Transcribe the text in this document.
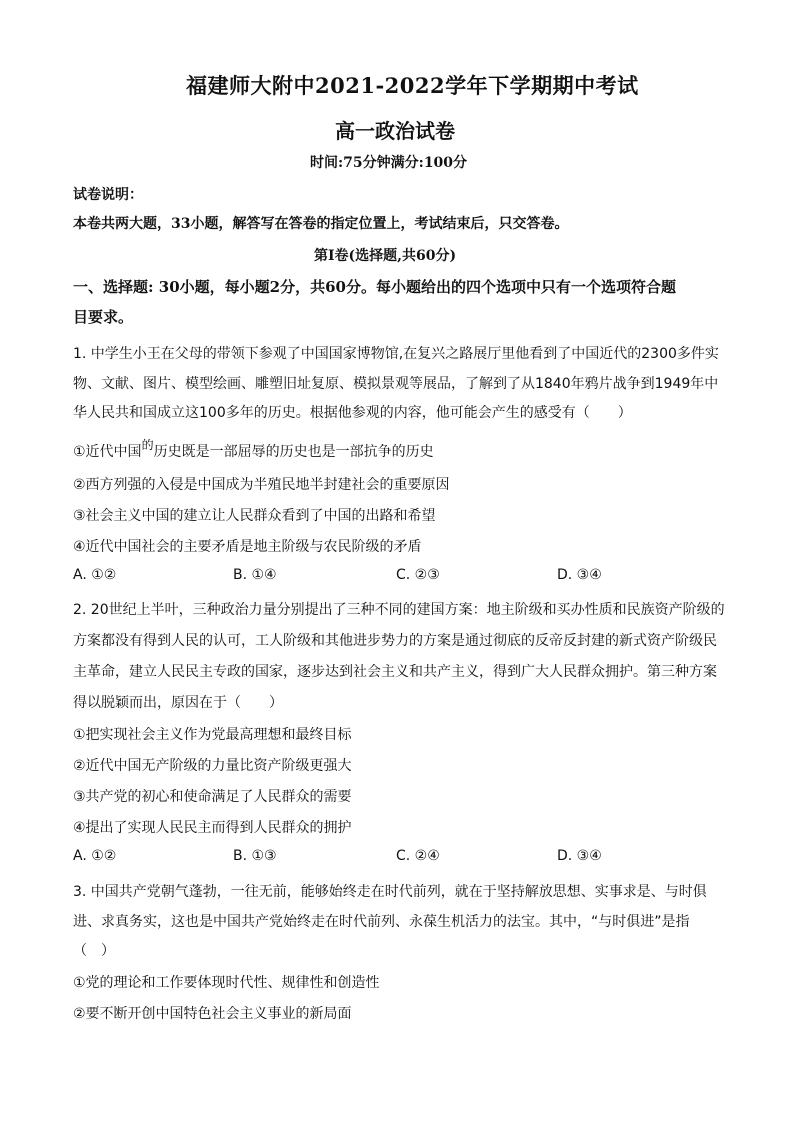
福建师大附中2021-2022学年下学期期中考试
高一政治试卷
时间:75分钟满分:100分
试卷说明：
本卷共两大题，33小题，解答写在答卷的指定位置上，考试结束后，只交答卷。
第Ⅰ卷(选择题,共60分)
一、选择题: 30小题，每小题2分，共60分。每小题给出的四个选项中只有一个选项符合题
目要求。
1. 中学生小王在父母的带领下参观了中国国家博物馆,在复兴之路展厅里他看到了中国近代的2300多件实
物、文献、图片、模型绘画、雕塑旧址复原、模拟景观等展品，了解到了从1840年鸦片战争到1949年中
华人民共和国成立这100多年的历史。根据他参观的内容，他可能会产生的感受有（　　）
①近代中国的历史既是一部屈辱的历史也是一部抗争的历史
②西方列强的入侵是中国成为半殖民地半封建社会的重要原因
③社会主义中国的建立让人民群众看到了中国的出路和希望
④近代中国社会的主要矛盾是地主阶级与农民阶级的矛盾
A. ①②	B. ①④	C. ②③	D. ③④
2. 20世纪上半叶，三种政治力量分别提出了三种不同的建国方案：地主阶级和买办性质和民族资产阶级的
方案都没有得到人民的认可，工人阶级和其他进步势力的方案是通过彻底的反帝反封建的新式资产阶级民
主革命，建立人民民主专政的国家，逐步达到社会主义和共产主义，得到广大人民群众拥护。第三种方案
得以脱颖而出，原因在于（　　）
①把实现社会主义作为党最高理想和最终目标
②近代中国无产阶级的力量比资产阶级更强大
③共产党的初心和使命满足了人民群众的需要
④提出了实现人民民主而得到人民群众的拥护
A. ①②	B. ①③	C. ②④	D. ③④
3. 中国共产党朝气蓬勃，一往无前，能够始终走在时代前列，就在于坚持解放思想、实事求是、与时俱
进、求真务实，这也是中国共产党始终走在时代前列、永葆生机活力的法宝。其中，“与时俱进”是指
（　）
①党的理论和工作要体现时代性、规律性和创造性
②要不断开创中国特色社会主义事业的新局面
